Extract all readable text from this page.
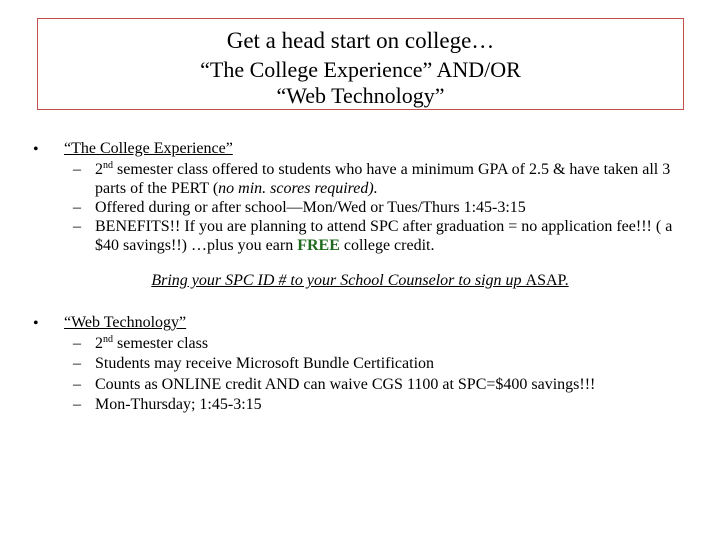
Get a head start on college…
“The College Experience” AND/OR
“Web Technology”
• “The College Experience”
– 2nd semester class offered to students who have a minimum GPA of 2.5 & have taken all 3 parts of the PERT (no min. scores required).
– Offered during or after school—Mon/Wed or Tues/Thurs 1:45-3:15
– BENEFITS!! If you are planning to attend SPC after graduation = no application fee!!! ( a $40 savings!!) …plus you earn FREE college credit.
Bring your SPC ID # to your School Counselor to sign up ASAP.
• “Web Technology”
– 2nd semester class
– Students may receive Microsoft Bundle Certification
– Counts as ONLINE credit AND can waive CGS 1100 at SPC=$400 savings!!!
– Mon-Thursday; 1:45-3:15
